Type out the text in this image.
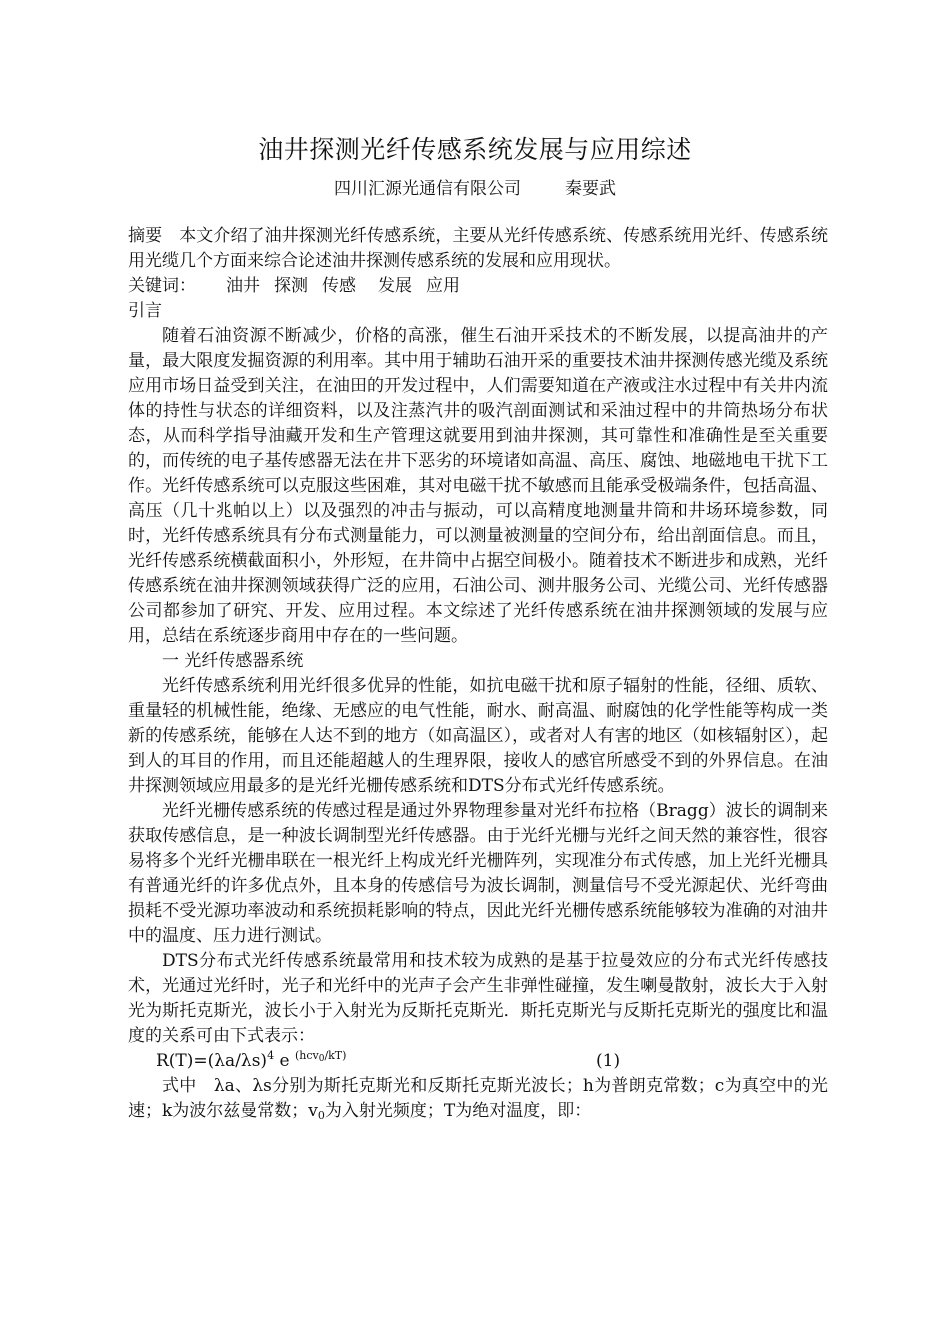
油井探测光纤传感系统发展与应用综述
四川汇源光通信有限公司	秦要武

摘要　本文介绍了油井探测光纤传感系统，主要从光纤传感系统、传感系统用光纤、传感系统用光缆几个方面来综合论述油井探测传感系统的发展和应用现状。

关键词： 油井 探测 传感 发展 应用

引言

随着石油资源不断减少，价格的高涨，催生石油开采技术的不断发展，以提高油井的产量，最大限度发掘资源的利用率。其中用于辅助石油开采的重要技术油井探测传感光缆及系统应用市场日益受到关注，在油田的开发过程中，人们需要知道在产液或注水过程中有关井内流体的持性与状态的详细资料，以及注蒸汽井的吸汽剖面测试和采油过程中的井筒热场分布状态，从而科学指导油藏开发和生产管理这就要用到油井探测，其可靠性和准确性是至关重要的，而传统的电子基传感器无法在井下恶劣的环境诸如高温、高压、腐蚀、地磁地电干扰下工作。光纤传感系统可以克服这些困难，其对电磁干扰不敏感而且能承受极端条件，包括高温、高压（几十兆帕以上）以及强烈的冲击与振动，可以高精度地测量井筒和井场环境参数，同时，光纤传感系统具有分布式测量能力，可以测量被测量的空间分布，给出剖面信息。而且，光纤传感系统横截面积小，外形短，在井筒中占据空间极小。随着技术不断进步和成熟，光纤传感系统在油井探测领域获得广泛的应用，石油公司、测井服务公司、光缆公司、光纤传感器公司都参加了研究、开发、应用过程。本文综述了光纤传感系统在油井探测领域的发展与应用，总结在系统逐步商用中存在的一些问题。

一 光纤传感器系统

光纤传感系统利用光纤很多优异的性能，如抗电磁干扰和原子辐射的性能，径细、质软、重量轻的机械性能，绝缘、无感应的电气性能，耐水、耐高温、耐腐蚀的化学性能等构成一类新的传感系统，能够在人达不到的地方（如高温区），或者对人有害的地区（如核辐射区），起到人的耳目的作用，而且还能超越人的生理界限，接收人的感官所感受不到的外界信息。在油井探测领域应用最多的是光纤光栅传感系统和DTS分布式光纤传感系统。

光纤光栅传感系统的传感过程是通过外界物理参量对光纤布拉格（Bragg）波长的调制来获取传感信息，是一种波长调制型光纤传感器。由于光纤光栅与光纤之间天然的兼容性，很容易将多个光纤光栅串联在一根光纤上构成光纤光栅阵列，实现准分布式传感，加上光纤光栅具有普通光纤的许多优点外，且本身的传感信号为波长调制，测量信号不受光源起伏、光纤弯曲损耗不受光源功率波动和系统损耗影响的特点，因此光纤光栅传感系统能够较为准确的对油井中的温度、压力进行测试。

DTS分布式光纤传感系统最常用和技术较为成熟的是基于拉曼效应的分布式光纤传感技术，光通过光纤时，光子和光纤中的光声子会产生非弹性碰撞，发生喇曼散射，波长大于入射光为斯托克斯光，波长小于入射光为反斯托克斯光．斯托克斯光与反斯托克斯光的强度比和温度的关系可由下式表示：

$R(T)=(\lambda a/\lambda s)^4$ e $^{(hcv0/kT)}$	(1)

式中　λa、λs分别为斯托克斯光和反斯托克斯光波长；h为普朗克常数；c为真空中的光速；k为波尔兹曼常数；$v_0$为入射光频度；T为绝对温度，即：
